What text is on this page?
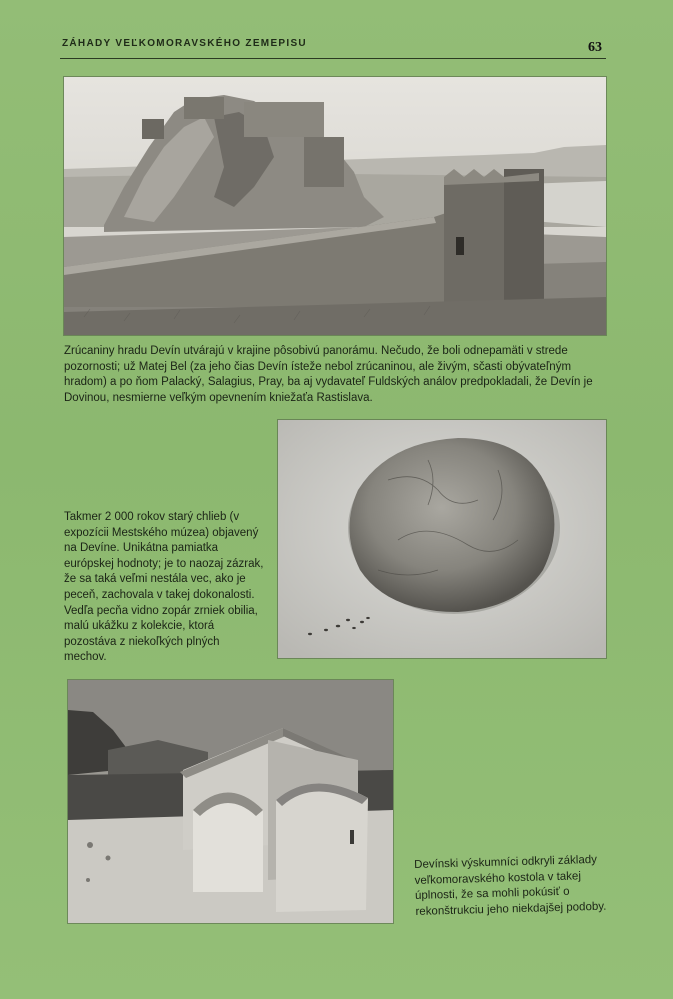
ZÁHADY VEĽKOMORAVSKÉHO ZEMEPISU	63
Zrúcaniny hradu Devín utvárajú v krajine pôsobivú panorámu. Nečudo, že boli odnepamäti v strede pozornosti; už Matej Bel (za jeho čias Devín ísteže nebol zrúcaninou, ale živým, sčasti obývateľným hradom) a po ňom Palacký, Salagius, Pray, ba aj vydavateľ Fuldských análov predpokladali, že Devín je Dovinou, nesmierne veľkým opevnením kniežaťa Rastislava.
Takmer 2 000 rokov starý chlieb (v expozícii Mestského múzea) objavený na Devíne. Unikátna pamiatka európskej hodnoty; je to naozaj zázrak, že sa taká veľmi nestála vec, ako je peceň, zachovala v takej dokonalosti. Vedľa pecňa vidno zopár zrniek obilia, malú ukážku z kolekcie, ktorá pozostáva z niekoľkých plných mechov.
Devínski výskumníci odkryli základy veľkomoravského kostola v takej úplnosti, že sa mohli pokúsiť o rekonštrukciu jeho niekdajšej podoby.
